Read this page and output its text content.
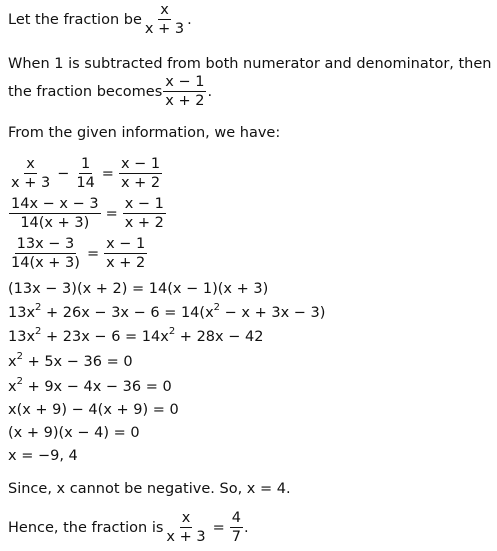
Let the fraction be $\frac{x}{x + 3}$ .
When 1 is subtracted from both numerator and denominator, then
the fraction becomes $\frac{x - 1}{x + 2}$ .
From the given information, we have:
$\frac{x}{x + 3} - \frac{1}{14} = \frac{x - 1}{x + 2}$
$\frac{14x - x - 3}{14(x + 3)} = \frac{x - 1}{x + 2}$
$\frac{13x - 3}{14(x + 3)} = \frac{x - 1}{x + 2}$
(13x − 3)(x + 2) = 14(x − 1)(x + 3)
$13x^2 + 26x - 3x - 6 = 14(x^2 - x + 3x - 3)$
$13x^2 + 23x - 6 = 14x^2 + 28x - 42$
$x^2 + 5x - 36 = 0$
$x^2 + 9x - 4x - 36 = 0$
x(x + 9) − 4(x + 9) = 0
(x + 9)(x − 4) = 0
x = −9, 4
Since, x cannot be negative. So, x = 4.
Hence, the fraction is $\frac{x}{x + 3} = \frac{4}{7}$ .
